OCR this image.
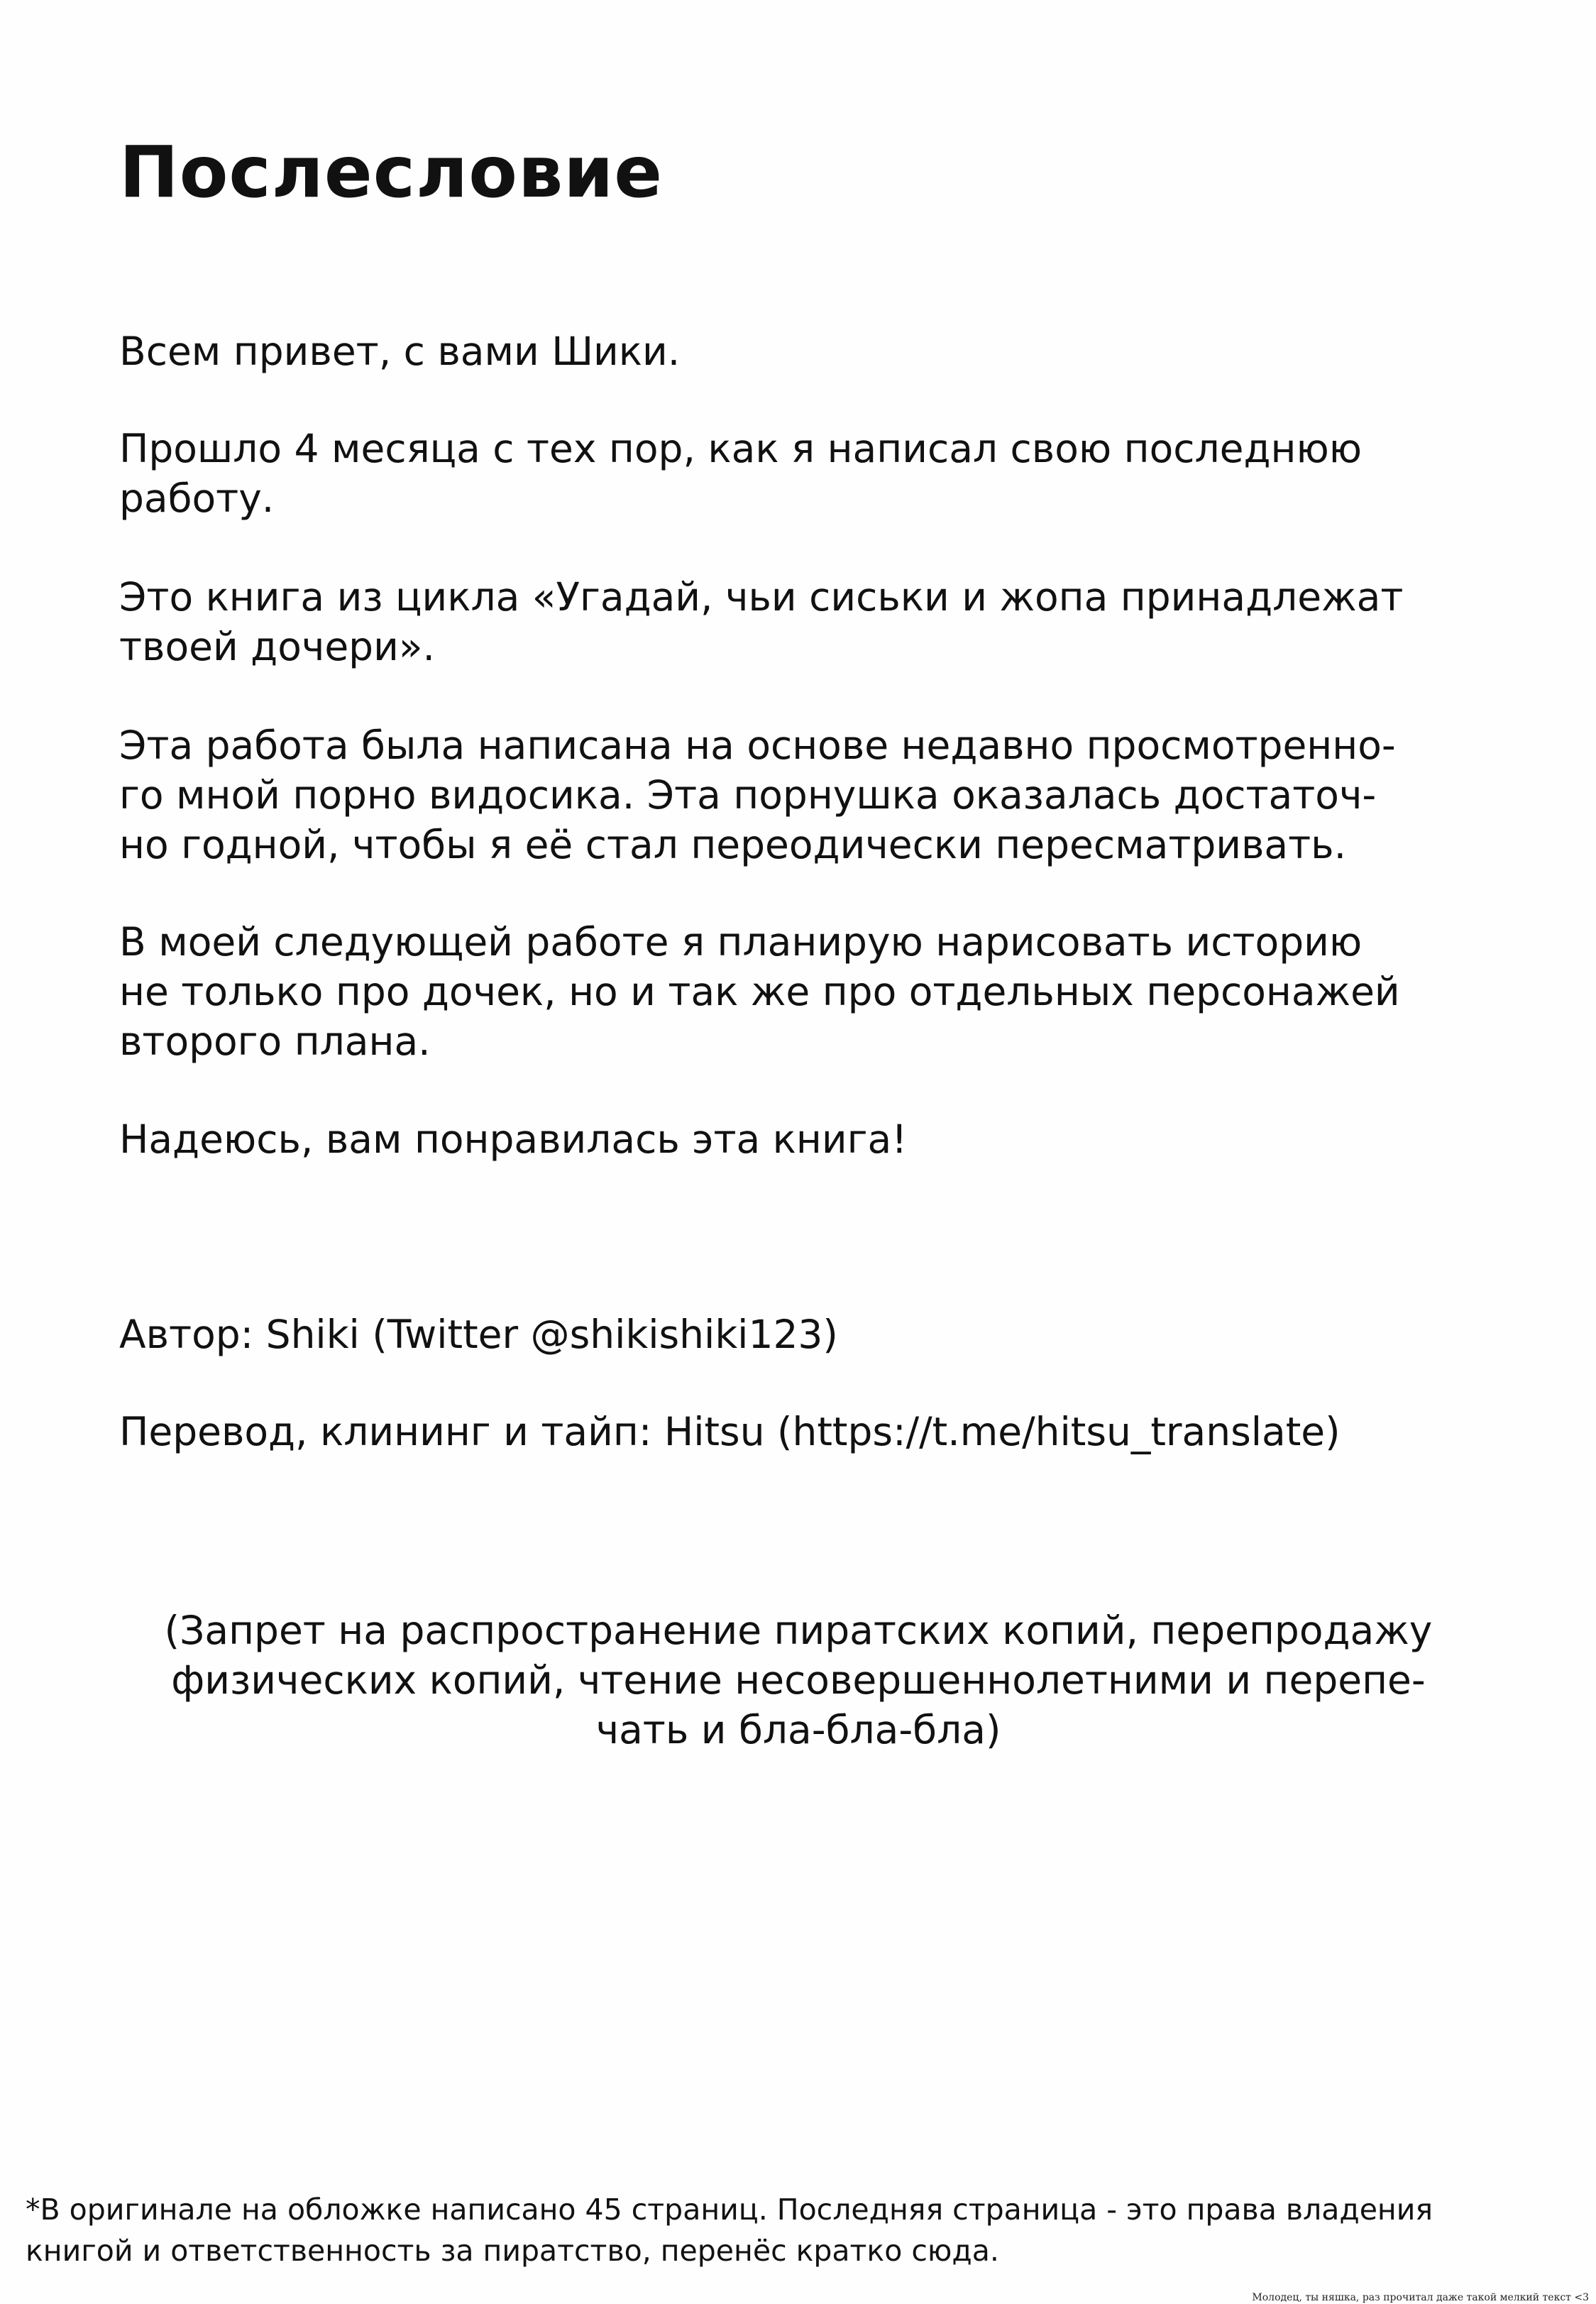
Послесловие

Всем привет, с вами Шики.

Прошло 4 месяца с тех пор, как я написал свою последнюю
работу.

Это книга из цикла «Угадай, чьи сиськи и жопа принадлежат
твоей дочери».

Эта работа была написана на основе недавно просмотренно-
го мной порно видосика. Эта порнушка оказалась достаточ-
но годной, чтобы я её стал переодически пересматривать.

В моей следующей работе я планирую нарисовать историю
не только про дочек, но и так же про отдельных персонажей
второго плана.

Надеюсь, вам понравилась эта книга!

Автор: Shiki (Twitter @shikishiki123)

Перевод, клининг и тайп: Hitsu (https://t.me/hitsu_translate)

(Запрет на распространение пиратских копий, перепродажу
физических копий, чтение несовершеннолетними и перепе-
чать и бла-бла-бла)

*В оригинале на обложке написано 45 страниц. Последняя страница - это права владения
книгой и ответственность за пиратство, перенёс кратко сюда.

Молодец, ты няшка, раз прочитал даже такой мелкий текст <3
